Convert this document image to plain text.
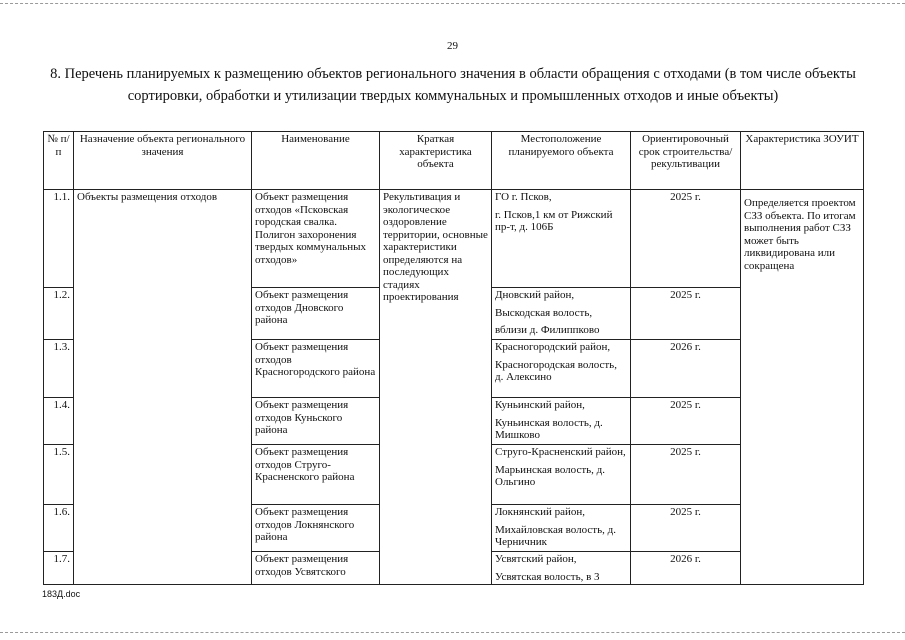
29
8. Перечень планируемых к размещению объектов регионального значения в области обращения с отходами (в том числе объекты сортировки, обработки и утилизации твердых коммунальных и промышленных отходов и иные объекты)
№ п/п	Назначение объекта регионального значения	Наименование	Краткая характеристика объекта	Местоположение планируемого объекта	Ориентировочный срок строительства/ рекультивации	Характеристика ЗОУИТ
1.1.	Объекты размещения отходов	Объект размещения отходов «Псковская городская свалка. Полигон захоронения твердых коммунальных отходов»	Рекультивация и экологическое оздоровление территории, основные характеристики определяются на последующих стадиях проектирования	ГО г. Псков,
г. Псков,1 км от Рижский пр-т, д. 106Б	2025 г.	Определяется проектом СЗЗ объекта. По итогам выполнения работ СЗЗ может быть ликвидирована или сокращена

1.2.		Объект размещения отходов Дновского района		Дновский район,
Выскодская волость,
вблизи д. Филиппково	2025 г.	
1.3.		Объект размещения отходов Красногородского района		Красногородский район,
Красногородская волость, д. Алексино	2026 г.	
1.4.		Объект размещения отходов Куньского района		Куньинский район,
Куньинская волость, д. Мишково	2025 г.	
1.5.		Объект размещения отходов Струго-Красненского района		Струго-Красненский район,
Марьинская волость, д. Ольгино	2025 г.	
1.6.		Объект размещения отходов Локнянского района		Локнянский район,
Михайловская волость, д. Черничник	2025 г.	
1.7.		Объект размещения отходов Усвятского		Усвятский район,
Усвятская волость, в 3	2026 г.	
183Д.doc
